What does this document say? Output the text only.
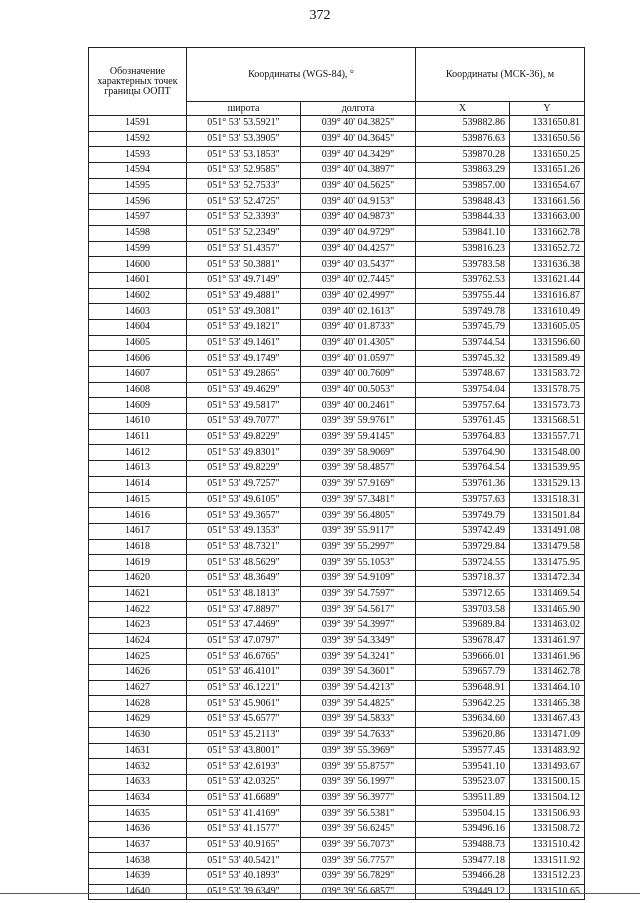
372
Обозначение характерных точек границы ООПТ	Координаты (WGS-84), °		Координаты (МСК-36), м	
	широта	долгота	X	Y
14591	051° 53' 53.5921"	039° 40' 04.3825"	539882.86	1331650.81
14592	051° 53' 53.3905"	039° 40' 04.3645"	539876.63	1331650.56
14593	051° 53' 53.1853"	039° 40' 04.3429"	539870.28	1331650.25
14594	051° 53' 52.9585"	039° 40' 04.3897"	539863.29	1331651.26
14595	051° 53' 52.7533"	039° 40' 04.5625"	539857.00	1331654.67
14596	051° 53' 52.4725"	039° 40' 04.9153"	539848.43	1331661.56
14597	051° 53' 52.3393"	039° 40' 04.9873"	539844.33	1331663.00
14598	051° 53' 52.2349"	039° 40' 04.9729"	539841.10	1331662.78
14599	051° 53' 51.4357"	039° 40' 04.4257"	539816.23	1331652.72
14600	051° 53' 50.3881"	039° 40' 03.5437"	539783.58	1331636.38
14601	051° 53' 49.7149"	039° 40' 02.7445"	539762.53	1331621.44
14602	051° 53' 49.4881"	039° 40' 02.4997"	539755.44	1331616.87
14603	051° 53' 49.3081"	039° 40' 02.1613"	539749.78	1331610.49
14604	051° 53' 49.1821"	039° 40' 01.8733"	539745.79	1331605.05
14605	051° 53' 49.1461"	039° 40' 01.4305"	539744.54	1331596.60
14606	051° 53' 49.1749"	039° 40' 01.0597"	539745.32	1331589.49
14607	051° 53' 49.2865"	039° 40' 00.7609"	539748.67	1331583.72
14608	051° 53' 49.4629"	039° 40' 00.5053"	539754.04	1331578.75
14609	051° 53' 49.5817"	039° 40' 00.2461"	539757.64	1331573.73
14610	051° 53' 49.7077"	039° 39' 59.9761"	539761.45	1331568.51
14611	051° 53' 49.8229"	039° 39' 59.4145"	539764.83	1331557.71
14612	051° 53' 49.8301"	039° 39' 58.9069"	539764.90	1331548.00
14613	051° 53' 49.8229"	039° 39' 58.4857"	539764.54	1331539.95
14614	051° 53' 49.7257"	039° 39' 57.9169"	539761.36	1331529.13
14615	051° 53' 49.6105"	039° 39' 57.3481"	539757.63	1331518.31
14616	051° 53' 49.3657"	039° 39' 56.4805"	539749.79	1331501.84
14617	051° 53' 49.1353"	039° 39' 55.9117"	539742.49	1331491.08
14618	051° 53' 48.7321"	039° 39' 55.2997"	539729.84	1331479.58
14619	051° 53' 48.5629"	039° 39' 55.1053"	539724.55	1331475.95
14620	051° 53' 48.3649"	039° 39' 54.9109"	539718.37	1331472.34
14621	051° 53' 48.1813"	039° 39' 54.7597"	539712.65	1331469.54
14622	051° 53' 47.8897"	039° 39' 54.5617"	539703.58	1331465.90
14623	051° 53' 47.4469"	039° 39' 54.3997"	539689.84	1331463.02
14624	051° 53' 47.0797"	039° 39' 54.3349"	539678.47	1331461.97
14625	051° 53' 46.6765"	039° 39' 54.3241"	539666.01	1331461.96
14626	051° 53' 46.4101"	039° 39' 54.3601"	539657.79	1331462.78
14627	051° 53' 46.1221"	039° 39' 54.4213"	539648.91	1331464.10
14628	051° 53' 45.9061"	039° 39' 54.4825"	539642.25	1331465.38
14629	051° 53' 45.6577"	039° 39' 54.5833"	539634.60	1331467.43
14630	051° 53' 45.2113"	039° 39' 54.7633"	539620.86	1331471.09
14631	051° 53' 43.8001"	039° 39' 55.3969"	539577.45	1331483.92
14632	051° 53' 42.6193"	039° 39' 55.8757"	539541.10	1331493.67
14633	051° 53' 42.0325"	039° 39' 56.1997"	539523.07	1331500.15
14634	051° 53' 41.6689"	039° 39' 56.3977"	539511.89	1331504.12
14635	051° 53' 41.4169"	039° 39' 56.5381"	539504.15	1331506.93
14636	051° 53' 41.1577"	039° 39' 56.6245"	539496.16	1331508.72
14637	051° 53' 40.9165"	039° 39' 56.7073"	539488.73	1331510.42
14638	051° 53' 40.5421"	039° 39' 56.7757"	539477.18	1331511.92
14639	051° 53' 40.1893"	039° 39' 56.7829"	539466.28	1331512.23
14640	051° 53' 39.6349"	039° 39' 56.6857"	539449.12	1331510.65
